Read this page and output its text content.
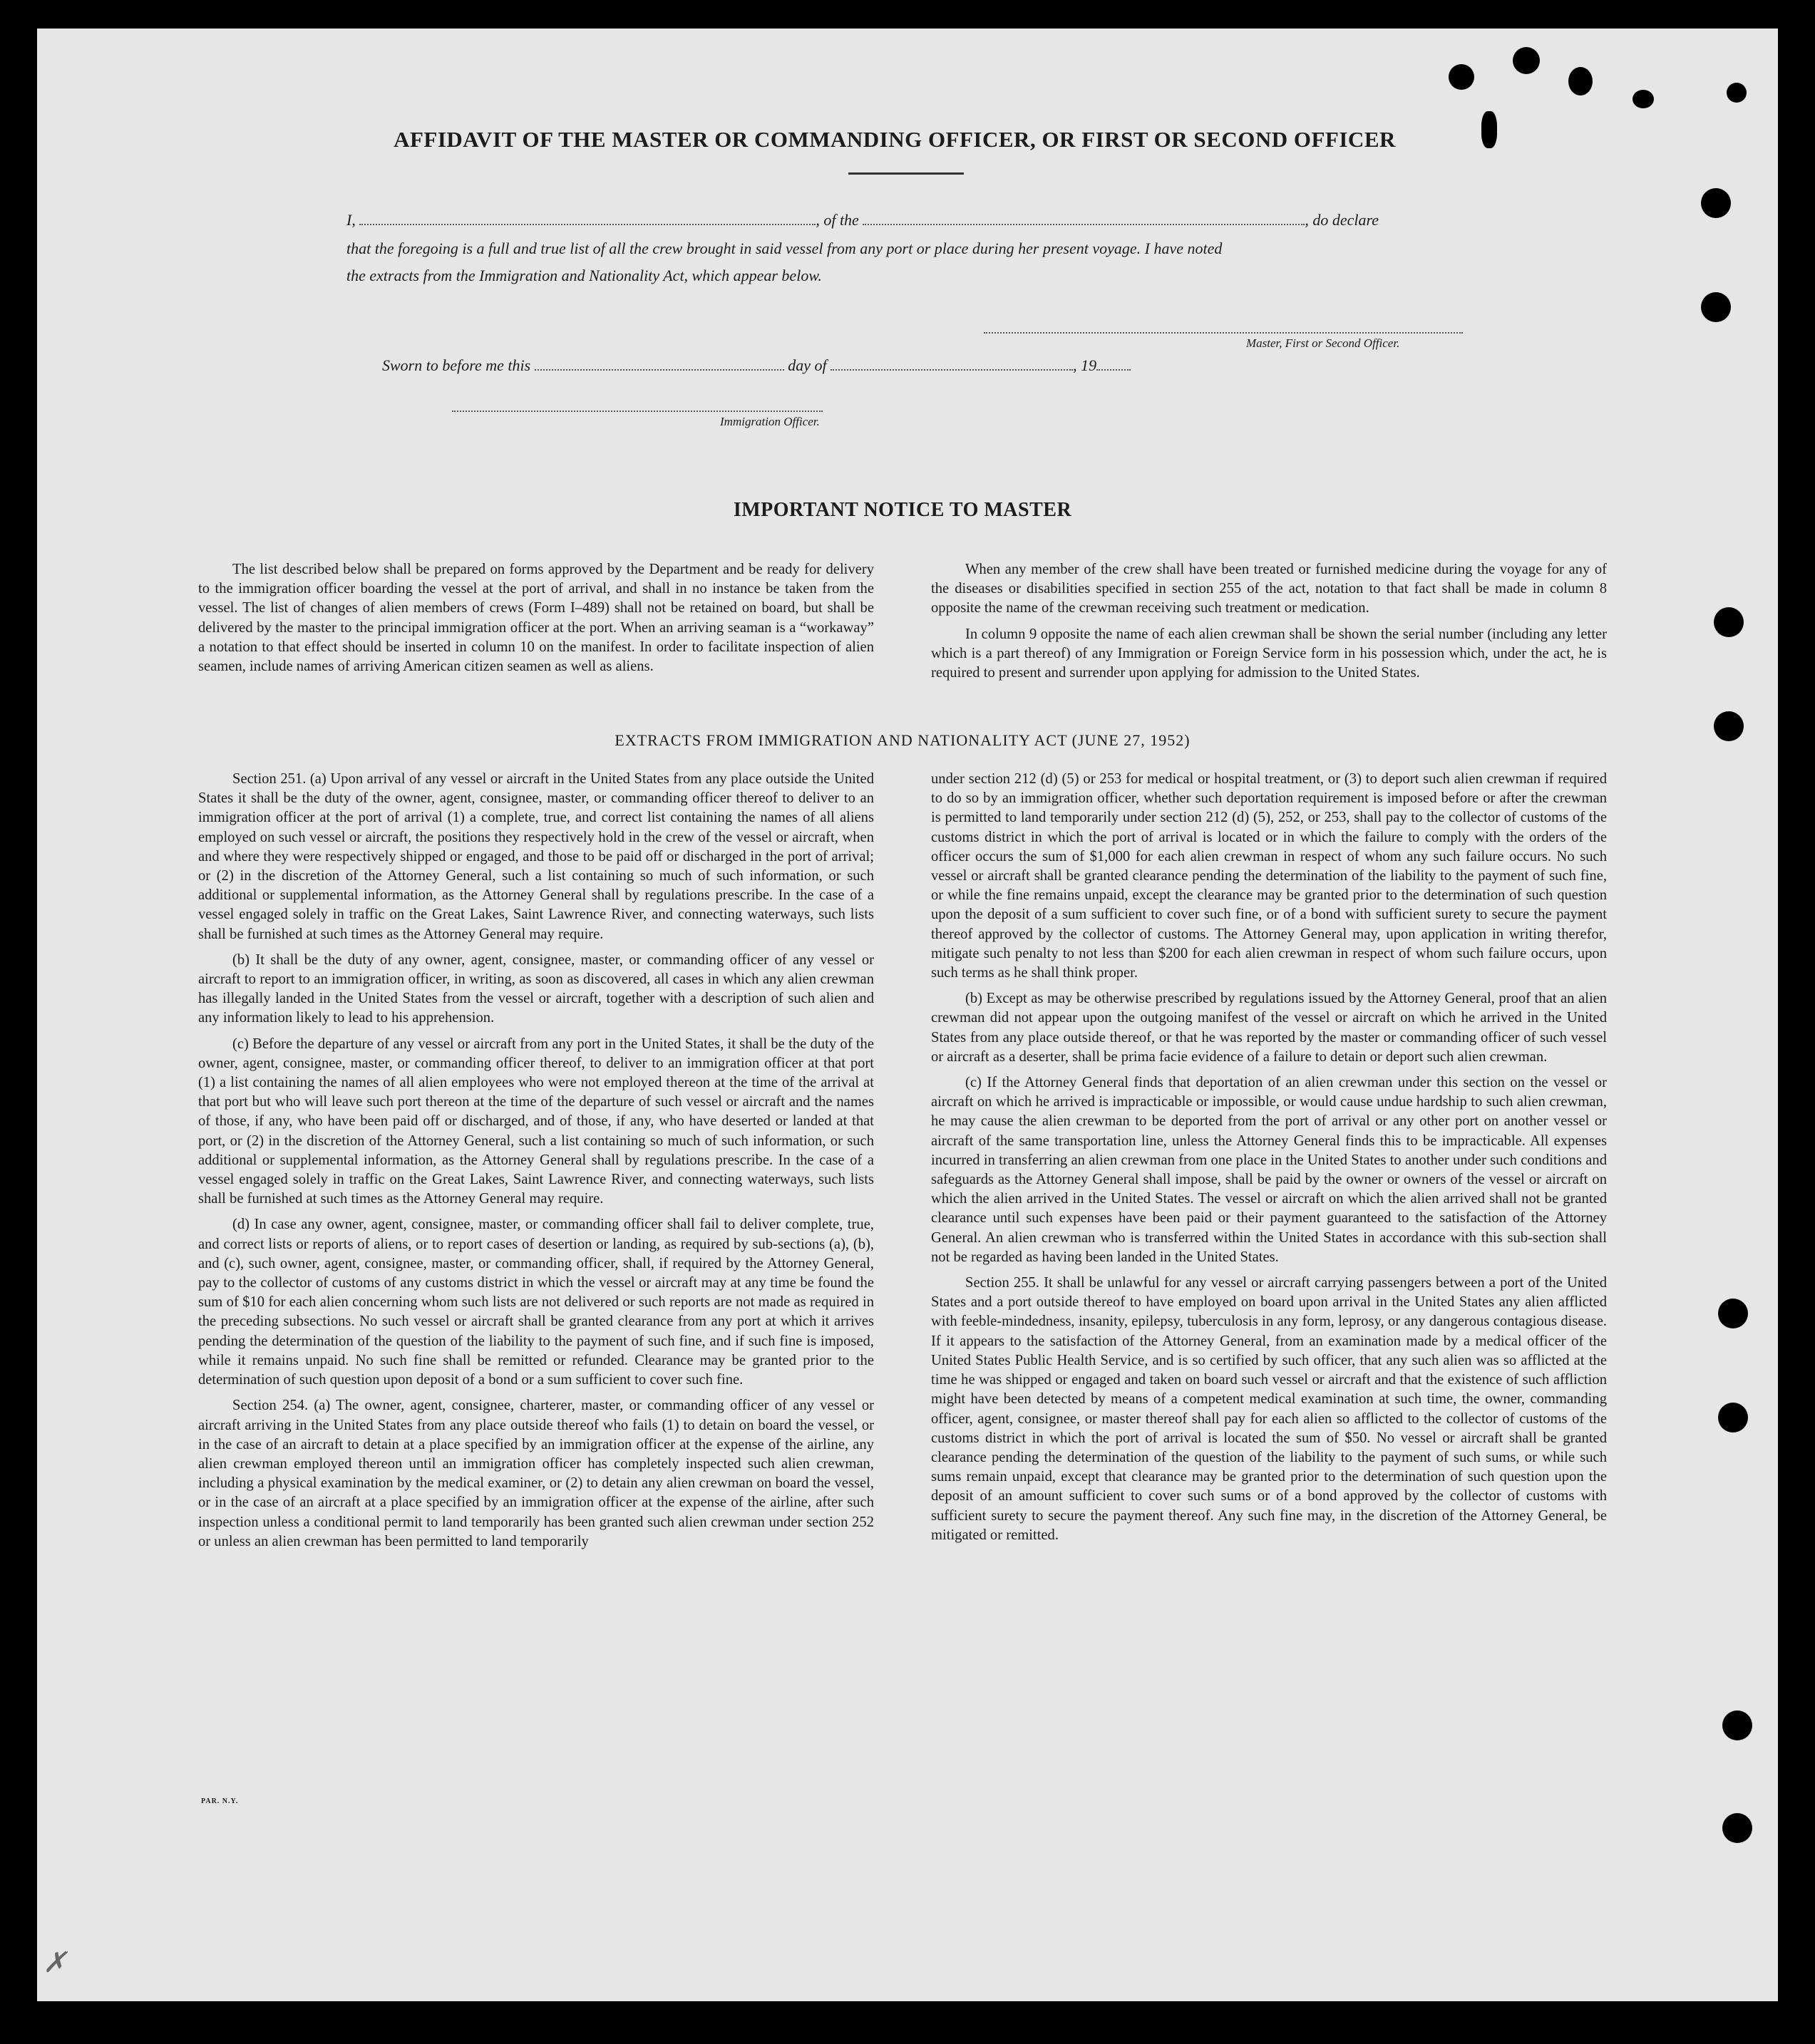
AFFIDAVIT OF THE MASTER OR COMMANDING OFFICER, OR FIRST OR SECOND OFFICER
I,	, of the	, do declare
that the foregoing is a full and true list of all the crew brought in said vessel from any port or place during her present voyage. I have noted
the extracts from the Immigration and Nationality Act, which appear below.
Master, First or Second Officer.
Sworn to before me this	day of	, 19
Immigration Officer.
IMPORTANT NOTICE TO MASTER

The list described below shall be prepared on forms approved by the Department and be ready for delivery to the immigration officer boarding the vessel at the port of arrival, and shall in no instance be taken from the vessel. The list of changes of alien members of crews (Form I–489) shall not be retained on board, but shall be delivered by the master to the principal immigration officer at the port. When an arriving seaman is a “workaway” a notation to that effect should be inserted in column 10 on the manifest. In order to facilitate inspection of alien seamen, include names of arriving American citizen seamen as well as aliens.

When any member of the crew shall have been treated or furnished medicine during the voyage for any of the diseases or disabilities specified in section 255 of the act, notation to that fact shall be made in column 8 opposite the name of the crewman receiving such treatment or medication.

In column 9 opposite the name of each alien crewman shall be shown the serial number (including any letter which is a part thereof) of any Immigration or Foreign Service form in his possession which, under the act, he is required to present and surrender upon applying for admission to the United States.

EXTRACTS FROM IMMIGRATION AND NATIONALITY ACT (JUNE 27, 1952)

Section 251. (a) Upon arrival of any vessel or aircraft in the United States from any place outside the United States it shall be the duty of the owner, agent, consignee, master, or commanding officer thereof to deliver to an immigration officer at the port of arrival (1) a complete, true, and correct list containing the names of all aliens employed on such vessel or aircraft, the positions they respectively hold in the crew of the vessel or aircraft, when and where they were respectively shipped or engaged, and those to be paid off or discharged in the port of arrival; or (2) in the discretion of the Attorney General, such a list containing so much of such information, or such additional or supplemental information, as the Attorney General shall by regulations prescribe. In the case of a vessel engaged solely in traffic on the Great Lakes, Saint Lawrence River, and connecting waterways, such lists shall be furnished at such times as the Attorney General may require.

(b) It shall be the duty of any owner, agent, consignee, master, or commanding officer of any vessel or aircraft to report to an immigration officer, in writing, as soon as discovered, all cases in which any alien crewman has illegally landed in the United States from the vessel or aircraft, together with a description of such alien and any information likely to lead to his apprehension.

(c) Before the departure of any vessel or aircraft from any port in the United States, it shall be the duty of the owner, agent, consignee, master, or commanding officer thereof, to deliver to an immigration officer at that port (1) a list containing the names of all alien employees who were not employed thereon at the time of the arrival at that port but who will leave such port thereon at the time of the departure of such vessel or aircraft and the names of those, if any, who have been paid off or discharged, and of those, if any, who have deserted or landed at that port, or (2) in the discretion of the Attorney General, such a list containing so much of such information, or such additional or supplemental information, as the Attorney General shall by regulations prescribe. In the case of a vessel engaged solely in traffic on the Great Lakes, Saint Lawrence River, and connecting waterways, such lists shall be furnished at such times as the Attorney General may require.

(d) In case any owner, agent, consignee, master, or commanding officer shall fail to deliver complete, true, and correct lists or reports of aliens, or to report cases of desertion or landing, as required by sub-sections (a), (b), and (c), such owner, agent, consignee, master, or commanding officer, shall, if required by the Attorney General, pay to the collector of customs of any customs district in which the vessel or aircraft may at any time be found the sum of $10 for each alien concerning whom such lists are not delivered or such reports are not made as required in the preceding subsections. No such vessel or aircraft shall be granted clearance from any port at which it arrives pending the determination of the question of the liability to the payment of such fine, and if such fine is imposed, while it remains unpaid. No such fine shall be remitted or refunded. Clearance may be granted prior to the determination of such question upon deposit of a bond or a sum sufficient to cover such fine.

Section 254. (a) The owner, agent, consignee, charterer, master, or commanding officer of any vessel or aircraft arriving in the United States from any place outside thereof who fails (1) to detain on board the vessel, or in the case of an aircraft to detain at a place specified by an immigration officer at the expense of the airline, any alien crewman employed thereon until an immigration officer has completely inspected such alien crewman, including a physical examination by the medical examiner, or (2) to detain any alien crewman on board the vessel, or in the case of an aircraft at a place specified by an immigration officer at the expense of the airline, after such inspection unless a conditional permit to land temporarily has been granted such alien crewman under section 252 or unless an alien crewman has been permitted to land temporarily

under section 212 (d) (5) or 253 for medical or hospital treatment, or (3) to deport such alien crewman if required to do so by an immigration officer, whether such deportation requirement is imposed before or after the crewman is permitted to land temporarily under section 212 (d) (5), 252, or 253, shall pay to the collector of customs of the customs district in which the port of arrival is located or in which the failure to comply with the orders of the officer occurs the sum of $1,000 for each alien crewman in respect of whom any such failure occurs. No such vessel or aircraft shall be granted clearance pending the determination of the liability to the payment of such fine, or while the fine remains unpaid, except the clearance may be granted prior to the determination of such question upon the deposit of a sum sufficient to cover such fine, or of a bond with sufficient surety to secure the payment thereof approved by the collector of customs. The Attorney General may, upon application in writing therefor, mitigate such penalty to not less than $200 for each alien crewman in respect of whom such failure occurs, upon such terms as he shall think proper.

(b) Except as may be otherwise prescribed by regulations issued by the Attorney General, proof that an alien crewman did not appear upon the outgoing manifest of the vessel or aircraft on which he arrived in the United States from any place outside thereof, or that he was reported by the master or commanding officer of such vessel or aircraft as a deserter, shall be prima facie evidence of a failure to detain or deport such alien crewman.

(c) If the Attorney General finds that deportation of an alien crewman under this section on the vessel or aircraft on which he arrived is impracticable or impossible, or would cause undue hardship to such alien crewman, he may cause the alien crewman to be deported from the port of arrival or any other port on another vessel or aircraft of the same transportation line, unless the Attorney General finds this to be impracticable. All expenses incurred in transferring an alien crewman from one place in the United States to another under such conditions and safeguards as the Attorney General shall impose, shall be paid by the owner or owners of the vessel or aircraft on which the alien arrived in the United States. The vessel or aircraft on which the alien arrived shall not be granted clearance until such expenses have been paid or their payment guaranteed to the satisfaction of the Attorney General. An alien crewman who is transferred within the United States in accordance with this sub-section shall not be regarded as having been landed in the United States.

Section 255. It shall be unlawful for any vessel or aircraft carrying passengers between a port of the United States and a port outside thereof to have employed on board upon arrival in the United States any alien afflicted with feeble-mindedness, insanity, epilepsy, tuberculosis in any form, leprosy, or any dangerous contagious disease. If it appears to the satisfaction of the Attorney General, from an examination made by a medical officer of the United States Public Health Service, and is so certified by such officer, that any such alien was so afflicted at the time he was shipped or engaged and taken on board such vessel or aircraft and that the existence of such affliction might have been detected by means of a competent medical examination at such time, the owner, commanding officer, agent, consignee, or master thereof shall pay for each alien so afflicted to the collector of customs of the customs district in which the port of arrival is located the sum of $50. No vessel or aircraft shall be granted clearance pending the determination of the question of the liability to the payment of such sums, or while such sums remain unpaid, except that clearance may be granted prior to the determination of such question upon the deposit of an amount sufficient to cover such sums or of a bond approved by the collector of customs with sufficient surety to secure the payment thereof. Any such fine may, in the discretion of the Attorney General, be mitigated or remitted.

PAR. N.Y.
✗
